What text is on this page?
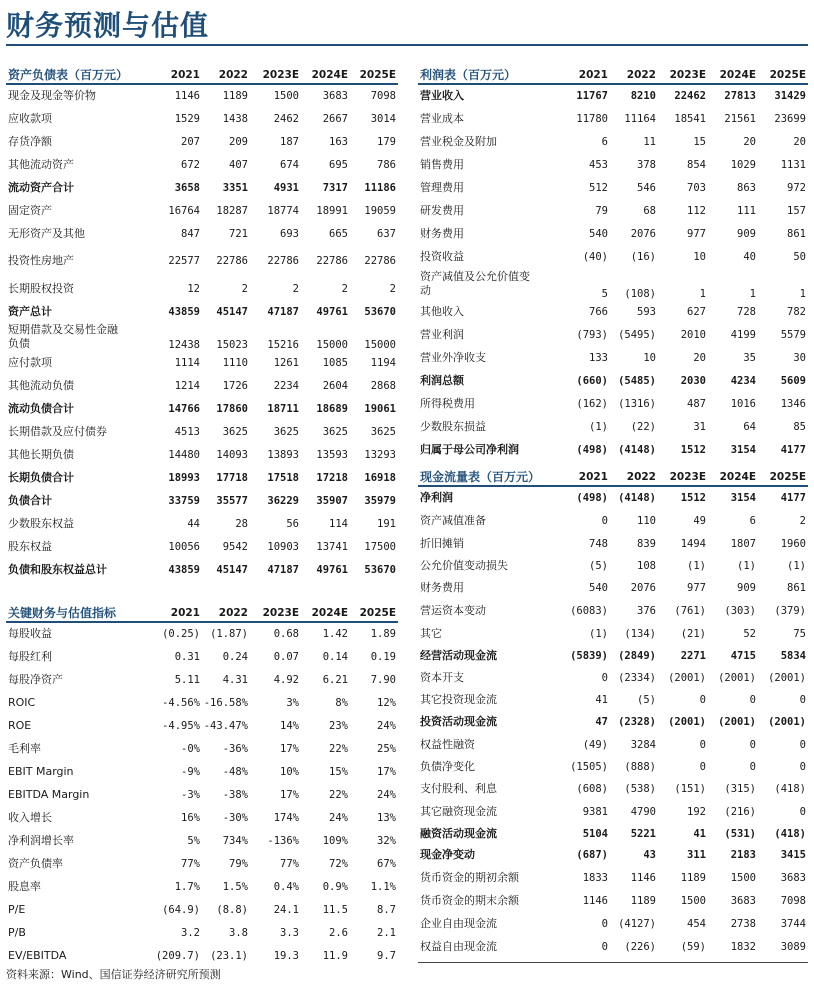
财务预测与估值
资产负债表（百万元）	2021	2022	2023E	2024E	2025E
现金及现金等价物	1146	1189	1500	3683	7098
应收款项	1529	1438	2462	2667	3014
存货净额	207	209	187	163	179
其他流动资产	672	407	674	695	786
流动资产合计	3658	3351	4931	7317	11186
固定资产	16764	18287	18774	18991	19059
无形资产及其他	847	721	693	665	637
投资性房地产	22577	22786	22786	22786	22786
长期股权投资	12	2	2	2	2
资产总计	43859	45147	47187	49761	53670
短期借款及交易性金融
负债	12438	15023	15216	15000	15000
应付款项	1114	1110	1261	1085	1194
其他流动负债	1214	1726	2234	2604	2868
流动负债合计	14766	17860	18711	18689	19061
长期借款及应付债券	4513	3625	3625	3625	3625
其他长期负债	14480	14093	13893	13593	13293
长期负债合计	18993	17718	17518	17218	16918
负债合计	33759	35577	36229	35907	35979
少数股东权益	44	28	56	114	191
股东权益	10056	9542	10903	13741	17500
负债和股东权益总计	43859	45147	47187	49761	53670
关键财务与估值指标	2021	2022	2023E	2024E	2025E
每股收益	(0.25)	(1.87)	0.68	1.42	1.89
每股红利	0.31	0.24	0.07	0.14	0.19
每股净资产	5.11	4.31	4.92	6.21	7.90
ROIC	-4.56%	-16.58%	3%	8%	12%
ROE	-4.95%	-43.47%	14%	23%	24%
毛利率	-0%	-36%	17%	22%	25%
EBIT Margin	-9%	-48%	10%	15%	17%
EBITDA Margin	-3%	-38%	17%	22%	24%
收入增长	16%	-30%	174%	24%	13%
净利润增长率	5%	734%	-136%	109%	32%
资产负债率	77%	79%	77%	72%	67%
股息率	1.7%	1.5%	0.4%	0.9%	1.1%
P/E	(64.9)	(8.8)	24.1	11.5	8.7
P/B	3.2	3.8	3.3	2.6	2.1
EV/EBITDA	(209.7)	(23.1)	19.3	11.9	9.7
利润表（百万元）	2021	2022	2023E	2024E	2025E
营业收入	11767	8210	22462	27813	31429
营业成本	11780	11164	18541	21561	23699
营业税金及附加	6	11	15	20	20
销售费用	453	378	854	1029	1131
管理费用	512	546	703	863	972
研发费用	79	68	112	111	157
财务费用	540	2076	977	909	861
投资收益	(40)	(16)	10	40	50
资产减值及公允价值变
动	5	(108)	1	1	1
其他收入	766	593	627	728	782
营业利润	(793)	(5495)	2010	4199	5579
营业外净收支	133	10	20	35	30
利润总额	(660)	(5485)	2030	4234	5609
所得税费用	(162)	(1316)	487	1016	1346
少数股东损益	(1)	(22)	31	64	85
归属于母公司净利润	(498)	(4148)	1512	3154	4177
现金流量表（百万元）	2021	2022	2023E	2024E	2025E
净利润	(498)	(4148)	1512	3154	4177
资产减值准备	0	110	49	6	2
折旧摊销	748	839	1494	1807	1960
公允价值变动损失	(5)	108	(1)	(1)	(1)
财务费用	540	2076	977	909	861
营运资本变动	(6083)	376	(761)	(303)	(379)
其它	(1)	(134)	(21)	52	75
经营活动现金流	(5839)	(2849)	2271	4715	5834
资本开支	0	(2334)	(2001)	(2001)	(2001)
其它投资现金流	41	(5)	0	0	0
投资活动现金流	47	(2328)	(2001)	(2001)	(2001)
权益性融资	(49)	3284	0	0	0
负债净变化	(1505)	(888)	0	0	0
支付股利、利息	(608)	(538)	(151)	(315)	(418)
其它融资现金流	9381	4790	192	(216)	0
融资活动现金流	5104	5221	41	(531)	(418)
现金净变动	(687)	43	311	2183	3415
货币资金的期初余额	1833	1146	1189	1500	3683
货币资金的期末余额	1146	1189	1500	3683	7098
企业自由现金流	0	(4127)	454	2738	3744
权益自由现金流	0	(226)	(59)	1832	3089
资料来源：Wind、国信证券经济研究所预测
